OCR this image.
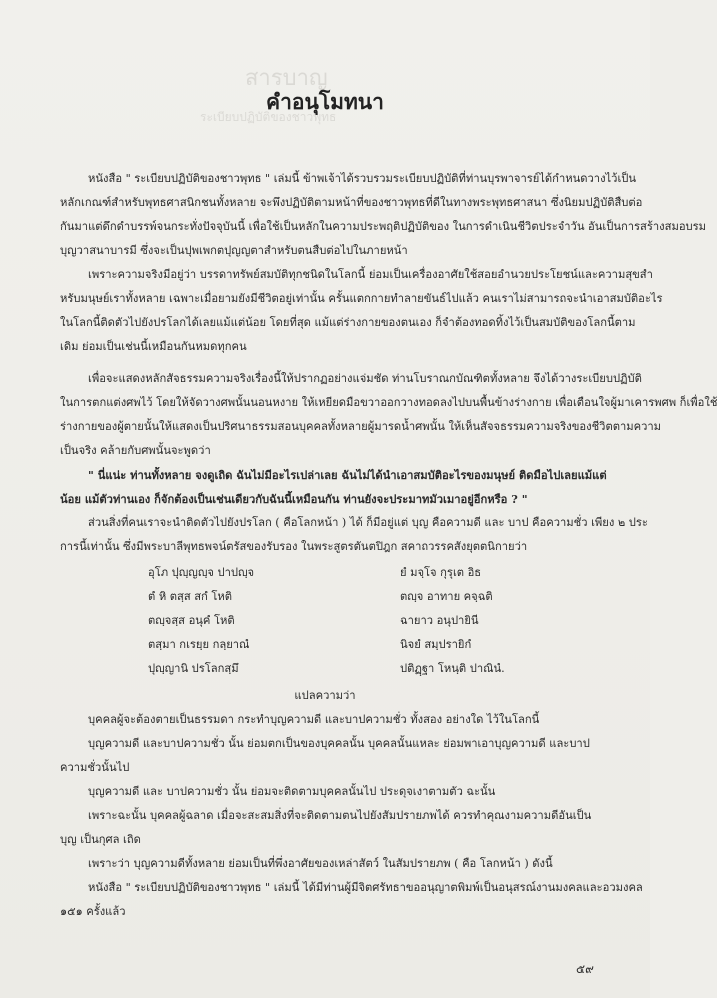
สารบาญ
ระเบียบปฏิบัติของชาวพุทธ
คำอนุโมทนา
หนังสือ " ระเบียบปฏิบัติของชาวพุทธ " เล่มนี้ ข้าพเจ้าได้รวบรวมระเบียบปฏิบัติที่ท่านบุรพาจารย์ได้กำหนดวางไว้เป็น
หลักเกณฑ์สำหรับพุทธศาสนิกชนทั้งหลาย จะพึงปฏิบัติตามหน้าที่ของชาวพุทธที่ดีในทางพระพุทธศาสนา ซึ่งนิยมปฏิบัติสืบต่อ
กันมาแต่ดึกดำบรรพ์จนกระทั่งปัจจุบันนี้ เพื่อใช้เป็นหลักในความประพฤติปฏิบัติของ ในการดำเนินชีวิตประจำวัน อันเป็นการสร้างสมอบรม
บุญวาสนาบารมี ซึ่งจะเป็นปุพเพกตปุญญตาสำหรับตนสืบต่อไปในภายหน้า
เพราะความจริงมีอยู่ว่า บรรดาทรัพย์สมบัติทุกชนิดในโลกนี้ ย่อมเป็นเครื่องอาศัยใช้สอยอำนวยประโยชน์และความสุขสำ
หรับมนุษย์เราทั้งหลาย เฉพาะเมื่อยามยังมีชีวิตอยู่เท่านั้น ครั้นแตกกายทำลายขันธ์ไปแล้ว คนเราไม่สามารถจะนำเอาสมบัติอะไร
ในโลกนี้ติดตัวไปยังปรโลกได้เลยแม้แต่น้อย โดยที่สุด แม้แต่ร่างกายของตนเอง ก็จำต้องทอดทิ้งไว้เป็นสมบัติของโลกนี้ตาม
เดิม ย่อมเป็นเช่นนี้เหมือนกันหมดทุกคน
เพื่อจะแสดงหลักสัจธรรมความจริงเรื่องนี้ให้ปรากฏอย่างแจ่มชัด ท่านโบราณกบัณฑิตทั้งหลาย จึงได้วางระเบียบปฏิบัติ
ในการตกแต่งศพไว้ โดยให้จัดวางศพนั้นนอนหงาย ให้เหยียดมือขวาออกวางทอดลงไปบนพื้นข้างร่างกาย เพื่อเตือนใจผู้มาเคารพศพ ก็เพื่อใช้
ร่างกายของผู้ตายนั้นให้แสดงเป็นปริศนาธรรมสอนบุคคลทั้งหลายผู้มารดน้ำศพนั้น ให้เห็นสัจจธรรมความจริงของชีวิตตามความ
เป็นจริง คล้ายกับศพนั้นจะพูดว่า
" นี่แน่ะ ท่านทั้งหลาย จงดูเถิด ฉันไม่มีอะไรเปล่าเลย ฉันไม่ได้นำเอาสมบัติอะไรของมนุษย์ ติดมือไปเลยแม้แต่
น้อย แม้ตัวท่านเอง ก็จักต้องเป็นเช่นเดียวกับฉันนี้เหมือนกัน ท่านยังจะประมาทมัวเมาอยู่อีกหรือ ? "
ส่วนสิ่งที่คนเราจะนำติดตัวไปยังปรโลก ( คือโลกหน้า ) ได้ ก็มีอยู่แต่ บุญ คือความดี และ บาป คือความชั่ว เพียง ๒ ประ
การนี้เท่านั้น ซึ่งมีพระบาลีพุทธพจน์ตรัสของรับรอง ในพระสูตรตันตปิฎก สคาถวรรคสังยุตตนิกายว่า
อุโภ ปุญฺญญฺจ ปาปญฺจ
ตํ หิ ตสฺส สกํ โหติ
ตญฺจสฺส อนุคํ โหติ
ตสฺมา กเรยฺย กลฺยาณํ
ปุญฺญานิ ปรโลกสฺมึ
ยํ มจฺโจ กุรุเต อิธ
ตญฺจ อาทาย คจฺฉติ
ฉายาว อนุปายินี
นิจยํ สมฺปรายิกํ
ปติฏฺฐา โหนฺติ ปาณินํ.
แปลความว่า
บุคคลผู้จะต้องตายเป็นธรรมดา กระทำบุญความดี และบาปความชั่ว ทั้งสอง อย่างใด ไว้ในโลกนี้
บุญความดี และบาปความชั่ว นั้น ย่อมตกเป็นของบุคคลนั้น บุคคลนั้นแหละ ย่อมพาเอาบุญความดี และบาป
ความชั่วนั้นไป
บุญความดี และ บาปความชั่ว นั้น ย่อมจะติดตามบุคคลนั้นไป ประดุจเงาตามตัว ฉะนั้น
เพราะฉะนั้น บุคคลผู้ฉลาด เมื่อจะสะสมสิ่งที่จะติดตามตนไปยังสัมปรายภพได้ ควรทำคุณงามความดีอันเป็น
บุญ เป็นกุศล เถิด
เพราะว่า บุญความดีทั้งหลาย ย่อมเป็นที่พึ่งอาศัยของเหล่าสัตว์ ในสัมปรายภพ ( คือ โลกหน้า ) ดังนี้
หนังสือ " ระเบียบปฏิบัติของชาวพุทธ " เล่มนี้ ได้มีท่านผู้มีจิตศรัทธาขออนุญาตพิมพ์เป็นอนุสรณ์งานมงคลและอวมงคล
๑๕๑ ครั้งแล้ว
๕๙
